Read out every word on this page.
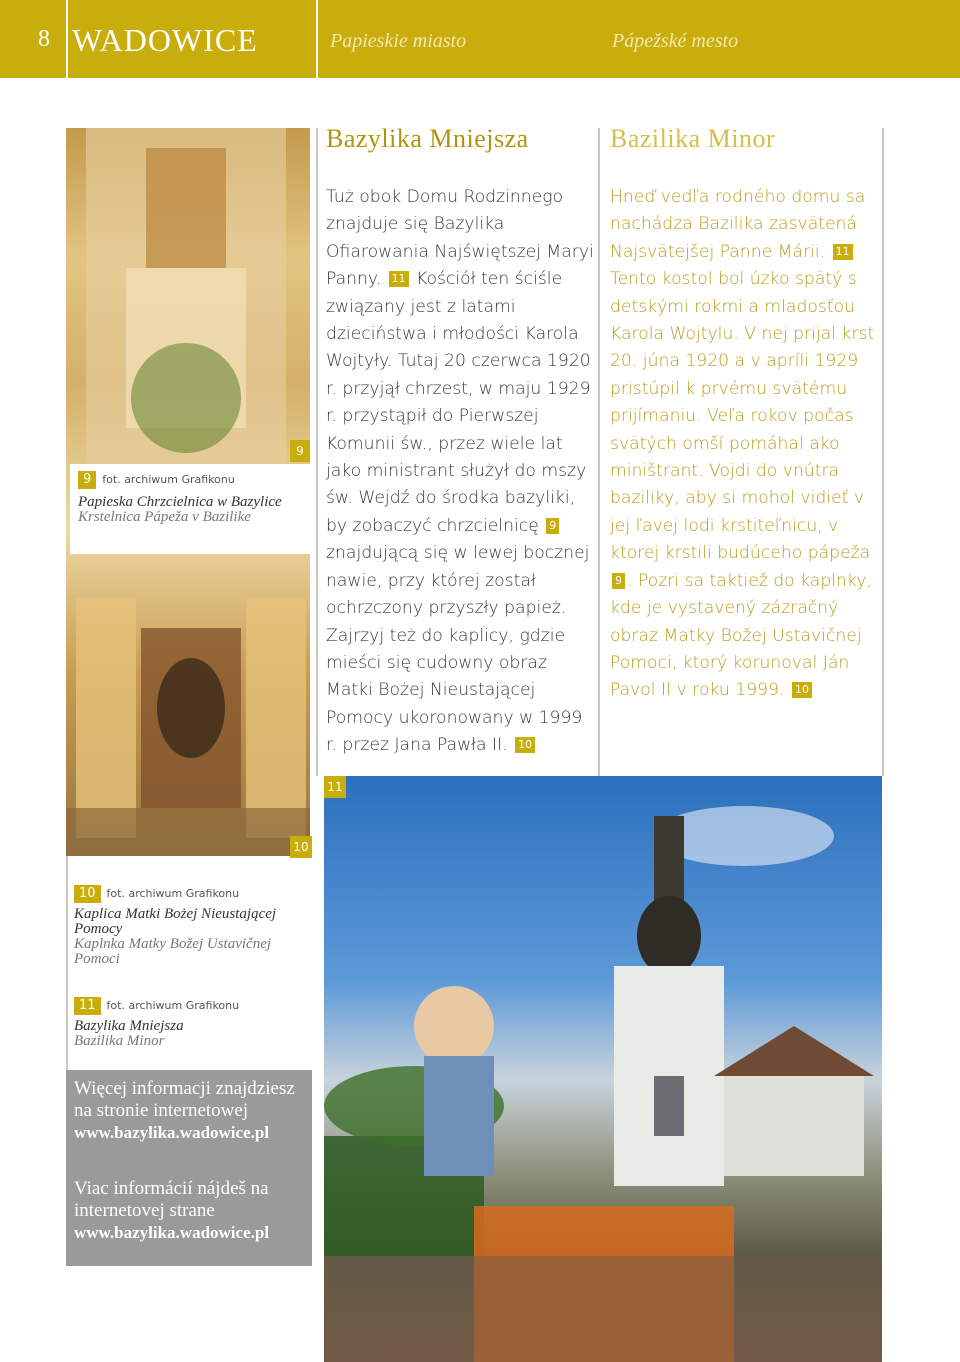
8 WADOWICE	Papieskie miasto	Pápežské mesto
9 fot. archiwum Grafikonu
Papieska Chrzcielnica w Bazylice
Krstelnica Pápeža v Bazilike
9
Bazylika Mniejsza	Bazilika Minor
Tuż obok Domu Rodzinnego znajduje się Bazylika Ofiarowania Najświętszej Maryi Panny. 11 Kościół ten ściśle związany jest z latami dzieciństwa i młodości Karola Wojtyły. Tutaj 20 czerwca 1920 r. przyjął chrzest, w maju 1929 r. przystąpił do Pierwszej Komunii św., przez wiele lat jako ministrant służył do mszy św. Wejdź do środka bazyliki, by zobaczyć chrzcielnicę 9 znajdującą się w lewej bocznej nawie, przy której został ochrzczony przyszły papież. Zajrzyj też do kaplicy, gdzie mieści się cudowny obraz Matki Bożej Nieustającej Pomocy ukoronowany w 1999 r. przez Jana Pawła II. 10
Hneď vedľa rodného domu sa nachádza Bazilika zasvätená Najsvätejšej Panne Márii. 11 Tento kostol bol úzko spätý s detskými rokmi a mladosťou Karola Wojtylu. V nej prijal krst 20. júna 1920 a v apríli 1929 pristúpil k prvému svätému prijímaniu. Veľa rokov počas svätých omší pomáhal ako miništrant. Vojdi do vnútra baziliky, aby si mohol vidieť v jej ľavej lodi krstiteľnicu, v ktorej krstili budúceho pápeža 9 . Pozri sa taktiež do kaplnky, kde je vystavený zázračný obraz Matky Božej Ustavičnej Pomoci, ktorý korunoval Ján Pavol II v roku 1999. 10
11
10
10 fot. archiwum Grafikonu
Kaplica Matki Bożej Nieustającej Pomocy
Kaplnka Matky Božej Ustavičnej Pomoci
11 fot. archiwum Grafikonu
Bazylika Mniejsza
Bazilika Minor
Więcej informacji znajdziesz na stronie internetowej
www.bazylika.wadowice.pl
Viac informácií nájdeš na internetovej strane
www.bazylika.wadowice.pl
